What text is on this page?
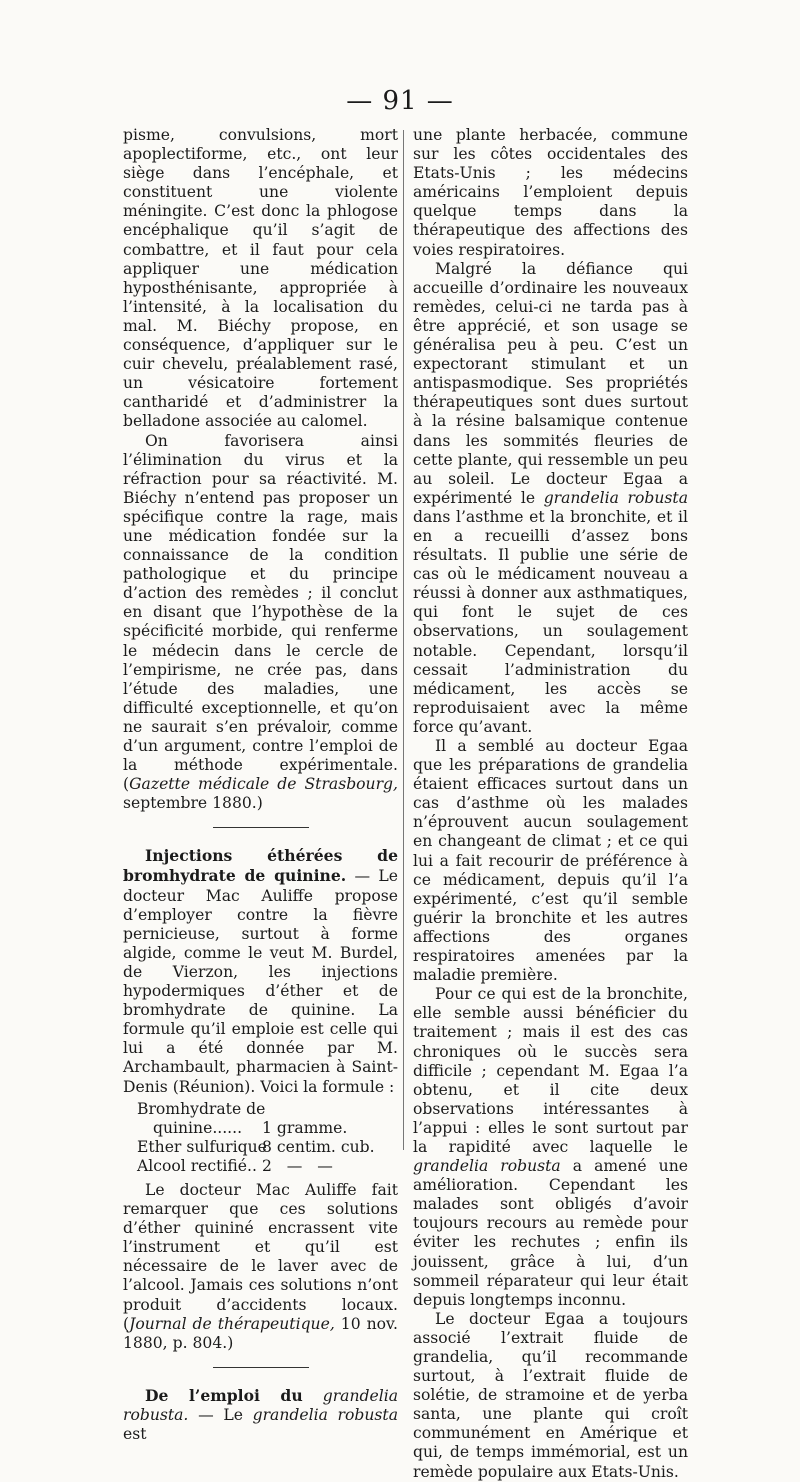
— 91 —

pisme, convulsions, mort apoplectiforme, etc., ont leur siège dans l’encéphale, et constituent une violente méningite. C’est donc la phlogose encéphalique qu’il s’agit de combattre, et il faut pour cela appliquer une médication hyposthénisante, appropriée à l’intensité, à la localisation du mal. M. Biéchy propose, en conséquence, d’appliquer sur le cuir chevelu, préalablement rasé, un vésicatoire fortement cantharidé et d’administrer la belladone associée au calomel.

On favorisera ainsi l’élimination du virus et la réfraction pour sa réactivité. M. Biéchy n’entend pas proposer un spécifique contre la rage, mais une médication fondée sur la connaissance de la condition pathologique et du principe d’action des remèdes ; il conclut en disant que l’hypothèse de la spécificité morbide, qui renferme le médecin dans le cercle de l’empirisme, ne crée pas, dans l’étude des maladies, une difficulté exceptionnelle, et qu’on ne saurait s’en prévaloir, comme d’un argument, contre l’emploi de la méthode expérimentale. (Gazette médicale de Strasbourg, septembre 1880.)

Injections éthérées de bromhydrate de quinine. — Le docteur Mac Auliffe propose d’employer contre la fièvre pernicieuse, surtout à forme algide, comme le veut M. Burdel, de Vierzon, les injections hypodermiques d’éther et de bromhydrate de quinine. La formule qu’il emploie est celle qui lui a été donnée par M. Archambault, pharmacien à Saint-Denis (Réunion). Voici la formule :

Bromhydrate de
quinine......	1 gramme.
Ether sulfurique
8 centim. cub.
Alcool rectifié.. 2   —   —

Le docteur Mac Auliffe fait remarquer que ces solutions d’éther quininé encrassent vite l’instrument et qu’il est nécessaire de le laver avec de l’alcool. Jamais ces solutions n’ont produit d’accidents locaux. (Journal de thérapeutique, 10 nov. 1880, p. 804.)

De l’emploi du grandelia robusta. — Le grandelia robusta est

une plante herbacée, commune sur les côtes occidentales des Etats-Unis ; les médecins américains l’emploient depuis quelque temps dans la thérapeutique des affections des voies respiratoires.

Malgré la défiance qui accueille d’ordinaire les nouveaux remèdes, celui-ci ne tarda pas à être apprécié, et son usage se généralisa peu à peu. C’est un expectorant stimulant et un antispasmodique. Ses propriétés thérapeutiques sont dues surtout à la résine balsamique contenue dans les sommités fleuries de cette plante, qui ressemble un peu au soleil. Le docteur Egaa a expérimenté le grandelia robusta dans l’asthme et la bronchite, et il en a recueilli d’assez bons résultats. Il publie une série de cas où le médicament nouveau a réussi à donner aux asthmatiques, qui font le sujet de ces observations, un soulagement notable. Cependant, lorsqu’il cessait l’administration du médicament, les accès se reproduisaient avec la même force qu’avant.

Il a semblé au docteur Egaa que les préparations de grandelia étaient efficaces surtout dans un cas d’asthme où les malades n’éprouvent aucun soulagement en changeant de climat ; et ce qui lui a fait recourir de préférence à ce médicament, depuis qu’il l’a expérimenté, c’est qu’il semble guérir la bronchite et les autres affections des organes respiratoires amenées par la maladie première.

Pour ce qui est de la bronchite, elle semble aussi bénéficier du traitement ; mais il est des cas chroniques où le succès sera difficile ; cependant M. Egaa l’a obtenu, et il cite deux observations intéressantes à l’appui : elles le sont surtout par la rapidité avec laquelle le grandelia robusta a amené une amélioration. Cependant les malades sont obligés d’avoir toujours recours au remède pour éviter les rechutes ; enfin ils jouissent, grâce à lui, d’un sommeil réparateur qui leur était depuis longtemps inconnu.

Le docteur Egaa a toujours associé l’extrait fluide de grandelia, qu’il recommande surtout, à l’extrait fluide de solétie, de stramoine et de yerba santa, une plante qui croît communément en Amérique et qui, de temps immémorial, est un remède populaire aux Etats-Unis.
